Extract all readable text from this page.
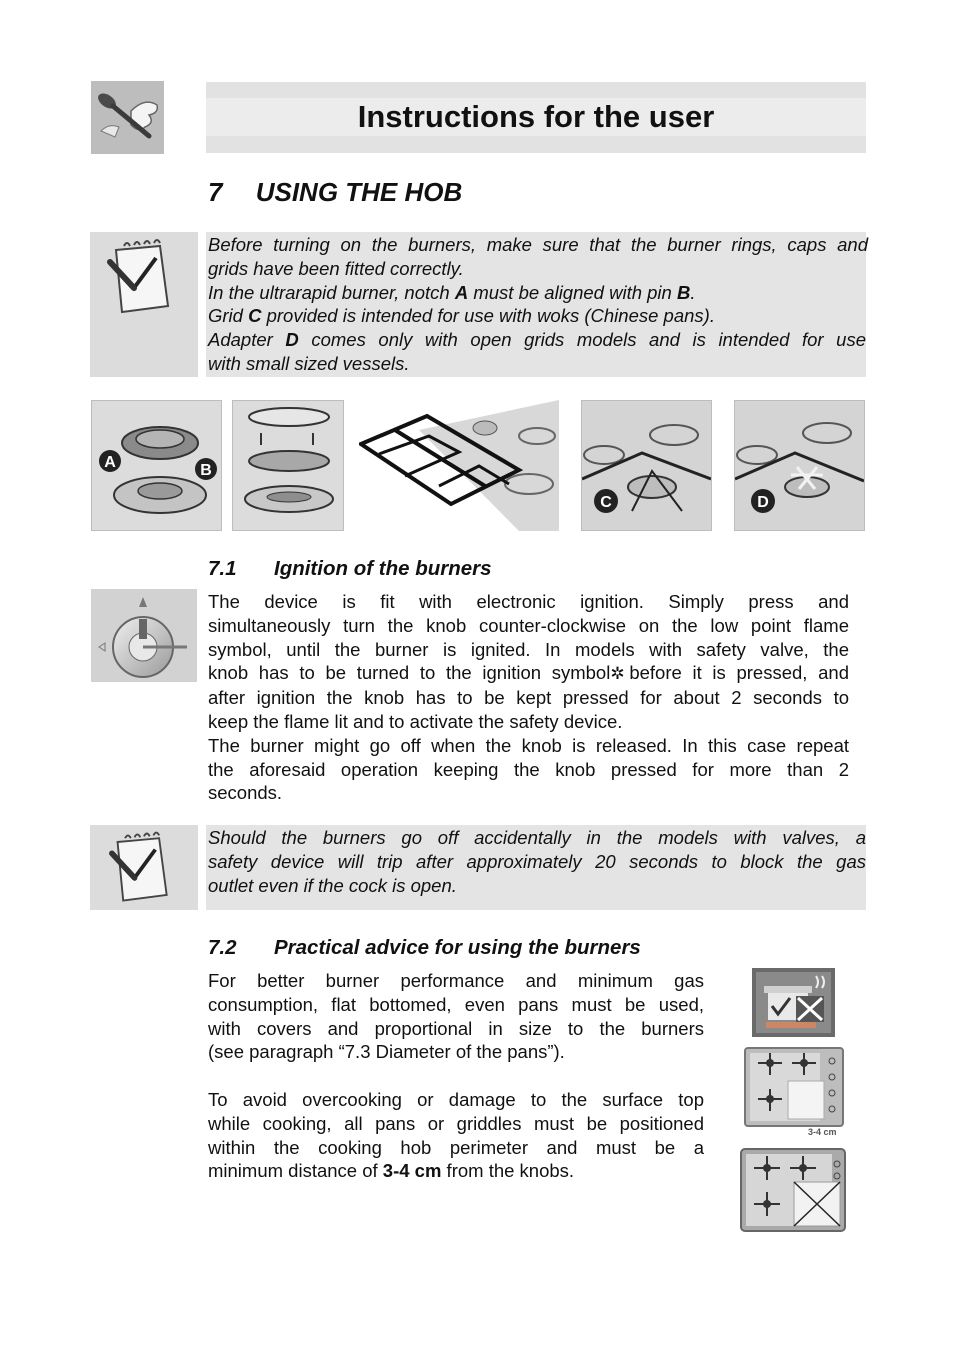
Instructions for the user
7 USING THE HOB
Before turning on the burners, make sure that the burner rings, caps and
grids have been fitted correctly.
In the ultrarapid burner, notch A must be aligned with pin B.
Grid C provided is intended for use with woks (Chinese pans).
Adapter D comes only with open grids models and is intended for use
with small sized vessels.
A	B
C	D
7.1 Ignition of the burners
The device is fit with electronic ignition. Simply press and
simultaneously turn the knob counter-clockwise on the low point flame
symbol, until the burner is ignited. In models with safety valve, the
knob has to be turned to the ignition symbol✲ before it is pressed, and
after ignition the knob has to be kept pressed for about 2 seconds to
keep the flame lit and to activate the safety device.
The burner might go off when the knob is released. In this case repeat
the aforesaid operation keeping the knob pressed for more than 2
seconds.
Should the burners go off accidentally in the models with valves, a
safety device will trip after approximately 20 seconds to block the gas
outlet even if the cock is open.
7.2 Practical advice for using the burners
For better burner performance and minimum gas
consumption, flat bottomed, even pans must be used,
with covers and proportional in size to the burners
(see paragraph “7.3 Diameter of the pans”).
To avoid overcooking or damage to the surface top
while cooking, all pans or griddles must be positioned
within the cooking hob perimeter and must be a
minimum distance of 3-4 cm from the knobs.
3-4 cm
